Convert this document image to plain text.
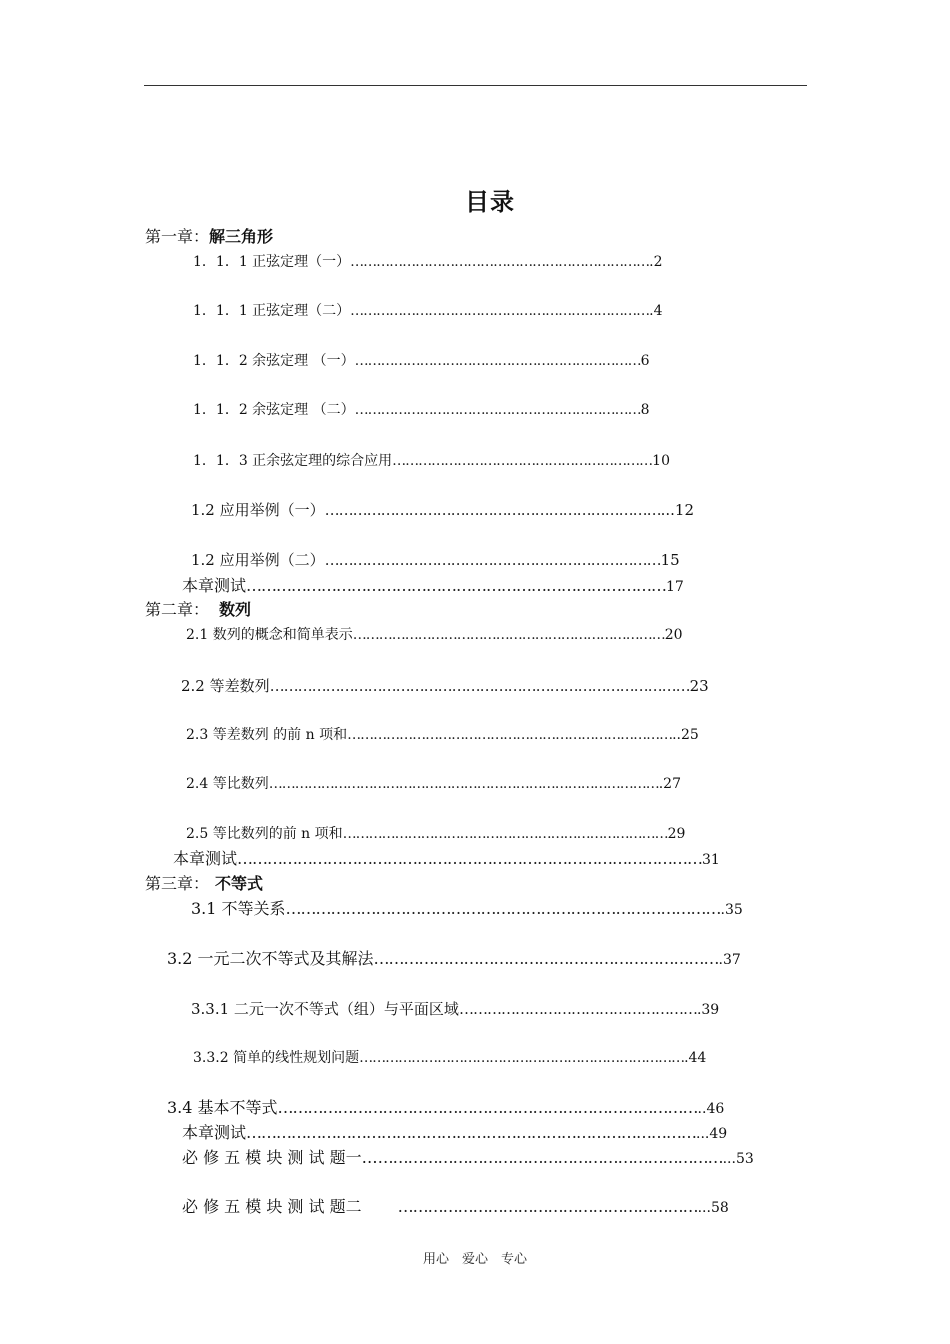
目录
第一章：解三角形
第二章： 数列
第三章： 不等式
1．1．1 正弦定理（一）…………………………………………………………….2
1．1．1 正弦定理（二）…………………………………………………………….4
1．1．2 余弦定理 （一）…………………………………………………………6
1．1．2 余弦定理 （二）…………………………………………………………8
1．1．3 正余弦定理的综合应用……………………………………………………10
1.2 应用举例（一）………………………………………………………………...12
1.2 应用举例（二）………………………………………………………………15
本章测试…………………………………………………………………………17
2.1 数列的概念和简单表示………………………………………………………………20
2.2 等差数列………………………………………………………………………………23
2.3 等差数列 的前 n 项和…………………………………………………………………..25
2.4 等比数列……………………………………………………………………………….27
2.5 等比数列的前 n 项和…………………………………………………………………29
本章测试…………………………………………………………………………………31
3.1 不等关系…………………………………………………………………………….35
3.2 一元二次不等式及其解法…………………………………………………………….37
3.3.1 二元一次不等式（组）与平面区域…………………………………………….39
3.3.2 简单的线性规划问题………………………………………………………………….44
3.4 基本不等式…………………………………………………………………………..46
本章测试………………………………………………………………………………...49
必 修 五 模 块 测 试 题一………………………………………………………………...53
必 修 五 模 块 测 试 题二 ……………………………………………………...58
用心　爱心　专心
